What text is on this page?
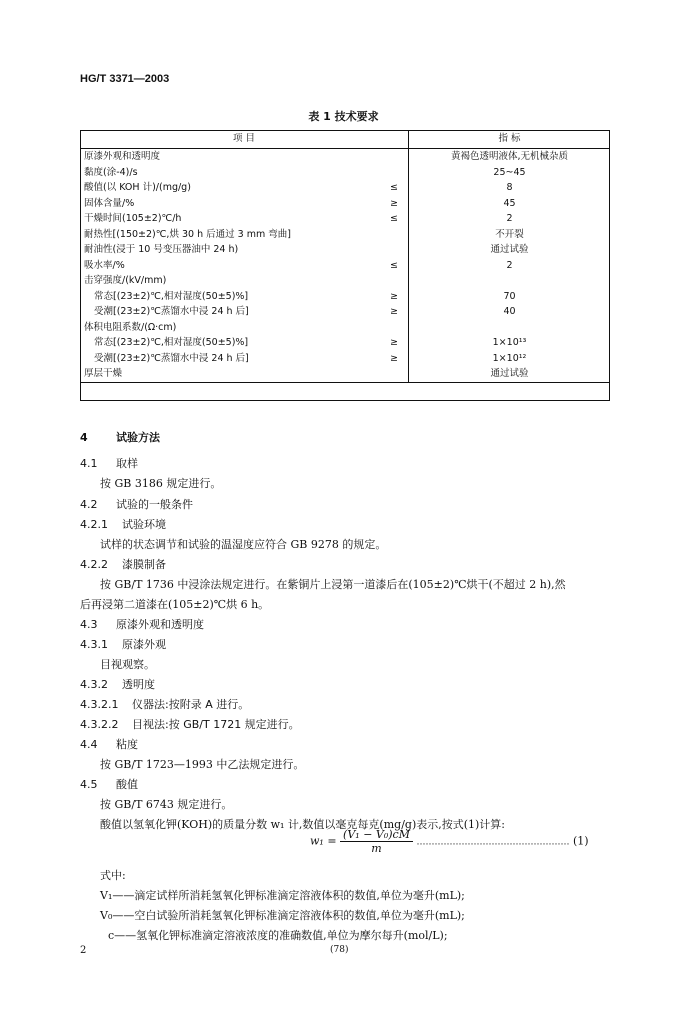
HG/T 3371—2003
表 1 技术要求
项 目		指 标
原漆外观和透明度		黄褐色透明液体,无机械杂质
黏度(涂-4)/s		25~45
酸值(以 KOH 计)/(mg/g)	≤	8
固体含量/%	≥	45
干燥时间(105±2)℃/h	≤	2
耐热性[(150±2)℃,烘 30 h 后通过 3 mm 弯曲]		不开裂
耐油性(浸于 10 号变压器油中 24 h)		通过试验
吸水率/%	≤	2
击穿强度/(kV/mm)		
常态[(23±2)℃,相对湿度(50±5)%]	≥	70
受潮[(23±2)℃蒸馏水中浸 24 h 后]	≥	40
体积电阻系数/(Ω·cm)		
常态[(23±2)℃,相对湿度(50±5)%]	≥	1×10¹³
受潮[(23±2)℃蒸馏水中浸 24 h 后]	≥	1×10¹²
厚层干燥		通过试验
4	试验方法
4.1 取样
按 GB 3186 规定进行。
4.2 试验的一般条件
4.2.1 试验环境
试样的状态调节和试验的温湿度应符合 GB 9278 的规定。
4.2.2 漆膜制备
按 GB/T 1736 中浸涂法规定进行。在紫铜片上浸第一道漆后在(105±2)℃烘干(不超过 2 h),然
后再浸第二道漆在(105±2)℃烘 6 h。
4.3 原漆外观和透明度
4.3.1 原漆外观
目视观察。
4.3.2 透明度
4.3.2.1 仪器法:按附录 A 进行。
4.3.2.2 目视法:按 GB/T 1721 规定进行。
4.4 粘度
按 GB/T 1723—1993 中乙法规定进行。
4.5 酸值
按 GB/T 6743 规定进行。
酸值以氢氧化钾(KOH)的质量分数 w₁ 计,数值以毫克每克(mg/g)表示,按式(1)计算:
$w_1 = \frac{\text{(V₁ − V₀)cM}}{m}$ …………………………………………… (1)
式中:
V₁——滴定试样所消耗氢氧化钾标准滴定溶液体积的数值,单位为毫升(mL);
V₀——空白试验所消耗氢氧化钾标准滴定溶液体积的数值,单位为毫升(mL);
c——氢氧化钾标准滴定溶液浓度的准确数值,单位为摩尔每升(mol/L);
2	(78)
